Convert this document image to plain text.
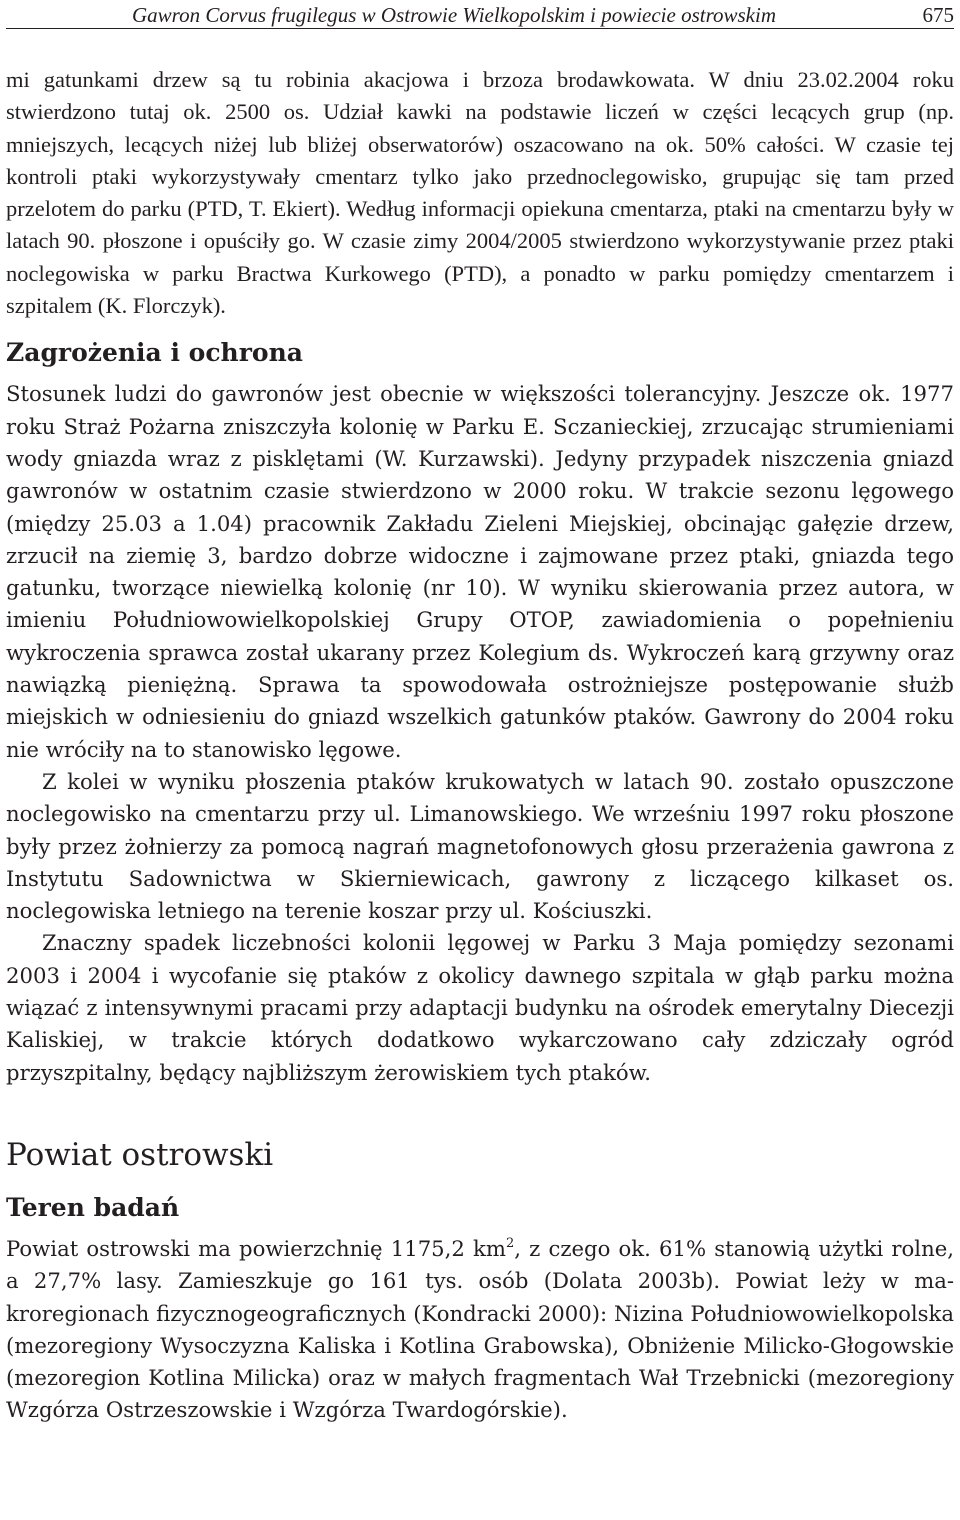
Gawron Corvus frugilegus w Ostrowie Wielkopolskim i powiecie ostrowskim	675

mi gatunkami drzew są tu robinia akacjowa i brzoza brodawkowata. W dniu 23.02.2004 roku stwierdzono tutaj ok. 2500 os. Udział kawki na podstawie liczeń w części lecących grup (np. mniejszych, lecących niżej lub bliżej obserwatorów) oszacowano na ok. 50% całości. W czasie tej kontroli ptaki wykorzystywały cmentarz tylko jako przednoclegowisko, grupując się tam przed przelotem do parku (PTD, T. Ekiert). Według informacji opiekuna cmentarza, ptaki na cmentarzu były w latach 90. płoszone i opuściły go. W czasie zimy 2004/2005 stwierdzono wykorzystywanie przez ptaki noclegowiska w parku Bractwa Kurkowego (PTD), a ponadto w parku pomiędzy cmentarzem i szpitalem (K. Florczyk).

Zagrożenia i ochrona

Stosunek ludzi do gawronów jest obecnie w większości tolerancyjny. Jeszcze ok. 1977 roku Straż Pożarna zniszczyła kolonię w Parku E. Sczanieckiej, zrzucając strumieniami wody gniazda wraz z pisklętami (W. Kurzawski). Jedyny przypadek niszczenia gniazd gawronów w ostatnim czasie stwierdzono w 2000 roku. W trakcie sezonu lęgowego (między 25.03 a 1.04) pracownik Zakładu Zieleni Miejskiej, obcinając gałęzie drzew, zrzucił na ziemię 3, bardzo dobrze widoczne i zajmowane przez ptaki, gniazda tego gatunku, tworzące niewielką kolonię (nr 10). W wyniku skierowania przez autora, w imieniu Południowowielkopolskiej Grupy OTOP, zawiadomienia o popełnieniu wykroczenia sprawca został ukarany przez Kolegium ds. Wykroczeń karą grzywny oraz nawiązką pieniężną. Sprawa ta spowodowała ostrożniejsze postępowanie służb miejskich w odniesieniu do gniazd wszelkich gatunków ptaków. Gawrony do 2004 roku nie wróciły na to stanowisko lęgowe.

Z kolei w wyniku płoszenia ptaków krukowatych w latach 90. zostało opuszczone noclegowisko na cmentarzu przy ul. Limanowskiego. We wrześniu 1997 roku płoszone były przez żołnierzy za pomocą nagrań magnetofonowych głosu przerażenia gawrona z Instytutu Sadownictwa w Skierniewicach, gawrony z liczącego kilkaset os. noclegowiska letniego na terenie koszar przy ul. Kościuszki.

Znaczny spadek liczebności kolonii lęgowej w Parku 3 Maja pomiędzy sezonami 2003 i 2004 i wycofanie się ptaków z okolicy dawnego szpitala w głąb parku można wiązać z intensywnymi pracami przy adaptacji budynku na ośrodek emerytalny Diecezji Kaliskiej, w trakcie których dodatkowo wykarczowano cały zdziczały ogród przyszpitalny, będący najbliższym żerowiskiem tych ptaków.

Powiat ostrowski
Teren badań

Powiat ostrowski ma powierzchnię 1175,2 $km^2$, z czego ok. 61% stanowią użytki rolne, a 27,7% lasy. Zamieszkuje go 161 tys. osób (Dolata 2003b). Powiat leży w makroregionach fizycznogeograficznych (Kondracki 2000): Nizina Południowowielkopolska (mezoregiony Wysoczyzna Kaliska i Kotlina Grabowska), Obniżenie Milicko-Głogowskie (mezoregion Kotlina Milicka) oraz w małych fragmentach Wał Trzebnicki (mezoregiony Wzgórza Ostrzeszowskie i Wzgórza Twardogórskie).
